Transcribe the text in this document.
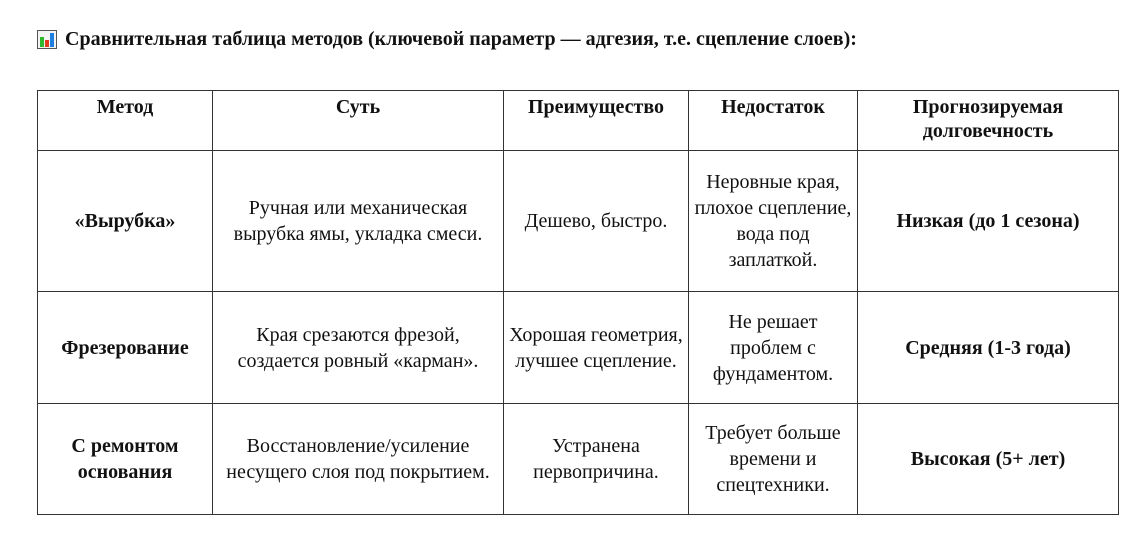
Сравнительная таблица методов (ключевой параметр — адгезия, т.е. сцепление слоев):
Метод	Суть	Преимущество	Недостаток	Прогнозируемая долговечность
«Вырубка»	Ручная или механическая вырубка ямы, укладка смеси.	Дешево, быстро.	Неровные края, плохое сцепление, вода под заплаткой.	Низкая (до 1 сезона)
Фрезерование	Края срезаются фрезой, создается ровный «карман».	Хорошая геометрия, лучшее сцепление.	Не решает проблем с фундаментом.	Средняя (1-3 года)
С ремонтом основания	Восстановление/усиление несущего слоя под покрытием.	Устранена первопричина.	Требует больше времени и спецтехники.	Высокая (5+ лет)
